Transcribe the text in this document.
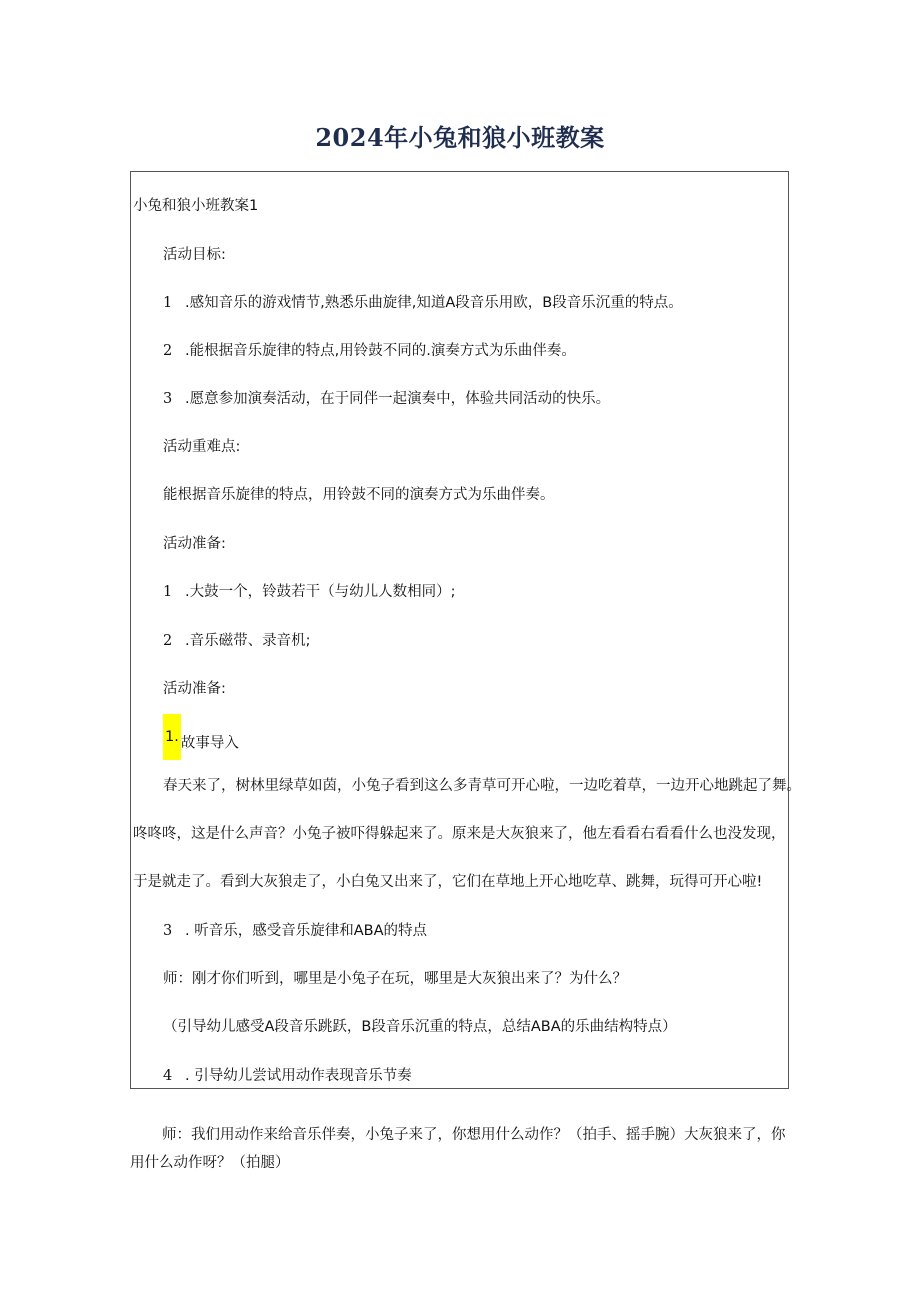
2024年小兔和狼小班教案
小兔和狼小班教案1
活动目标:
1 .感知音乐的游戏情节,熟悉乐曲旋律,知道A段音乐用欧，B段音乐沉重的特点。
2 .能根据音乐旋律的特点,用铃鼓不同的.演奏方式为乐曲伴奏。
3 .愿意参加演奏活动，在于同伴一起演奏中，体验共同活动的快乐。
活动重难点:
能根据音乐旋律的特点，用铃鼓不同的演奏方式为乐曲伴奏。
活动准备:
1 .大鼓一个，铃鼓若干（与幼儿人数相同）;
2 .音乐磁带、录音机;
活动准备:
1. 故事导入
春天来了，树林里绿草如茵，小兔子看到这么多青草可开心啦，一边吃着草，一边开心地跳起了舞。
咚咚咚，这是什么声音？小兔子被吓得躲起来了。原来是大灰狼来了，他左看看右看看什么也没发现，
于是就走了。看到大灰狼走了，小白兔又出来了，它们在草地上开心地吃草、跳舞，玩得可开心啦!
3 . 听音乐，感受音乐旋律和ABA的特点
师：刚才你们听到，哪里是小兔子在玩，哪里是大灰狼出来了？为什么？
（引导幼儿感受A段音乐跳跃，B段音乐沉重的特点，总结ABA的乐曲结构特点）
4 . 引导幼儿尝试用动作表现音乐节奏
师：我们用动作来给音乐伴奏，小兔子来了，你想用什么动作？（拍手、摇手腕）大灰狼来了，你用什么动作呀？（拍腿）
